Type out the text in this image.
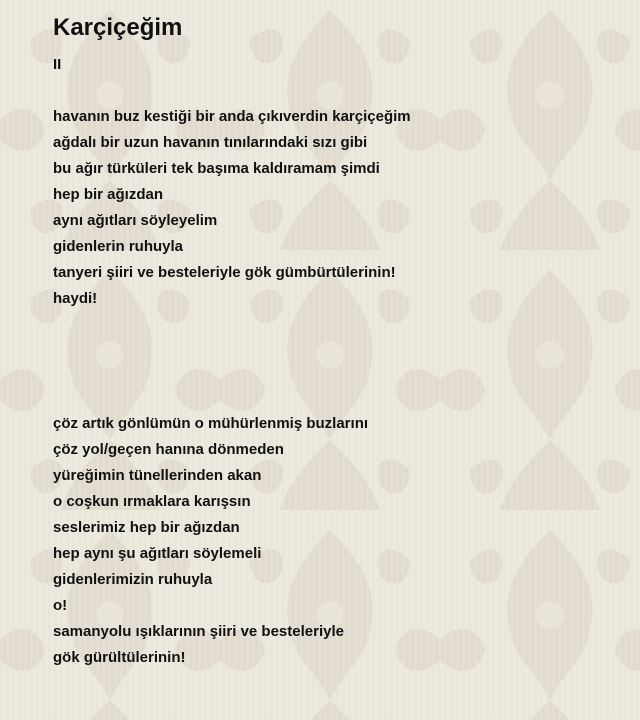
Karçiçeğim
II
havanın buz kestiği bir anda çıkıverdin karçiçeğim
ağdalı bir uzun havanın tınılarındaki sızı gibi
bu ağır türküleri tek başıma kaldıramam şimdi
hep bir ağızdan
aynı ağıtları söyleyelim
gidenlerin ruhuyla
tanyeri şiiri ve besteleriyle gök gümbürtülerinin!
haydi!
çöz artık gönlümün o mühürlenmiş buzlarını
çöz yol/geçen hanına dönmeden
yüreğimin tünellerinden akan
o coşkun ırmaklara karışsın
seslerimiz hep bir ağızdan
hep aynı şu ağıtları söylemeli
gidenlerimizin ruhuyla
o!
samanyolu ışıklarının şiiri ve besteleriyle
gök gürültülerinin!
